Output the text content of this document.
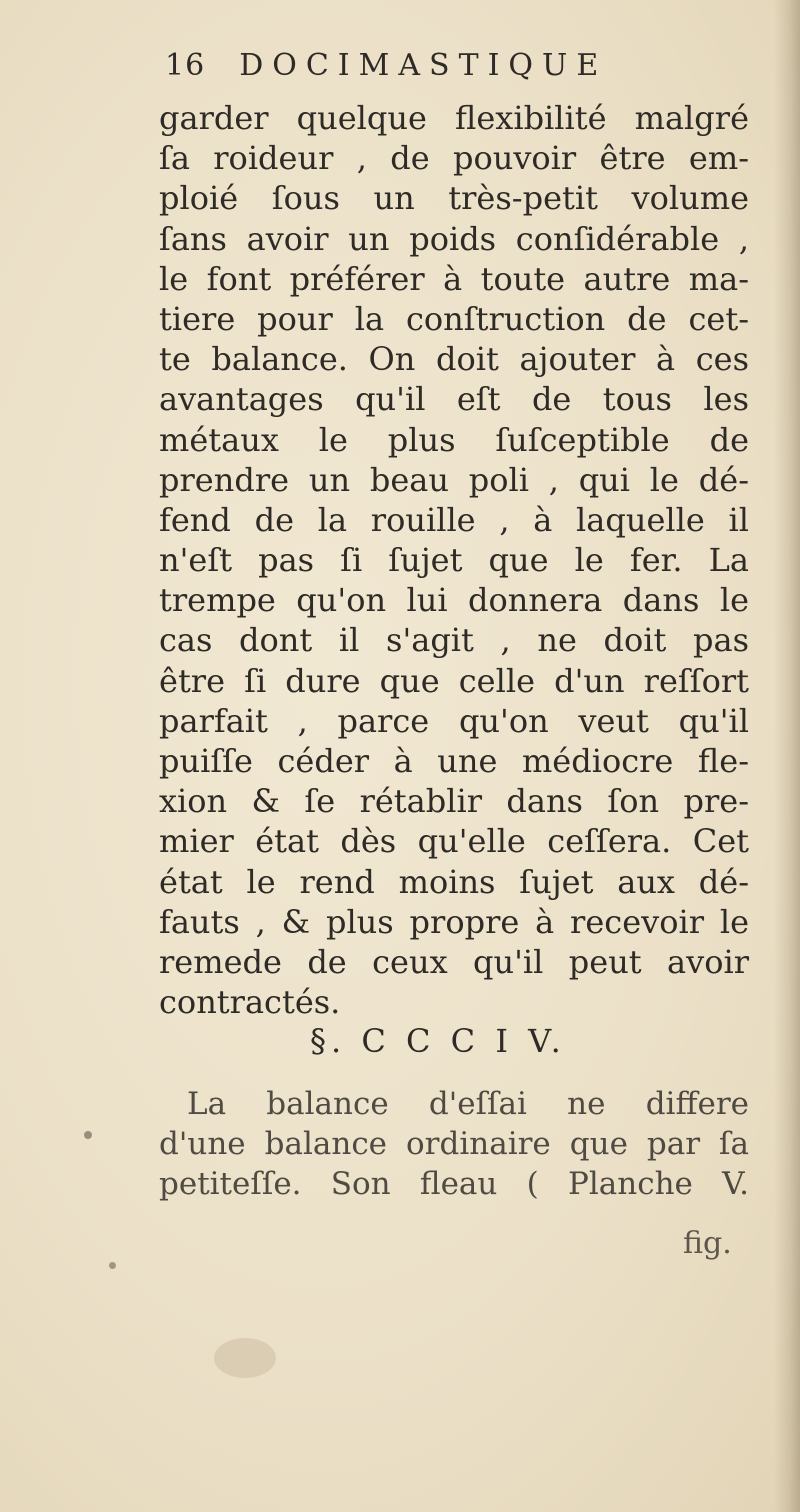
16 DOCIMASTIQUE
garder quelque flexibilité malgré
ſa roideur , de pouvoir être em-
ploié ſous un très-petit volume
ſans avoir un poids conſidérable ,
le font préférer à toute autre ma-
tiere pour la conſtruction de cet-
te balance. On doit ajouter à ces
avantages qu'il eſt de tous les
métaux le plus ſuſceptible de
prendre un beau poli , qui le dé-
fend de la rouille , à laquelle il
n'eſt pas ſi ſujet que le fer. La
trempe qu'on lui donnera dans le
cas dont il s'agit , ne doit pas
être ſi dure que celle d'un reſſort
parfait , parce qu'on veut qu'il
puiſſe céder à une médiocre fle-
xion & ſe rétablir dans ſon pre-
mier état dès qu'elle ceſſera. Cet
état le rend moins ſujet aux dé-
fauts , & plus propre à recevoir le
remede de ceux qu'il peut avoir
contractés.
§. C C C I V.
La balance d'eſſai ne differe
d'une balance ordinaire que par ſa
petiteſſe. Son fleau ( Planche V.
fig.
